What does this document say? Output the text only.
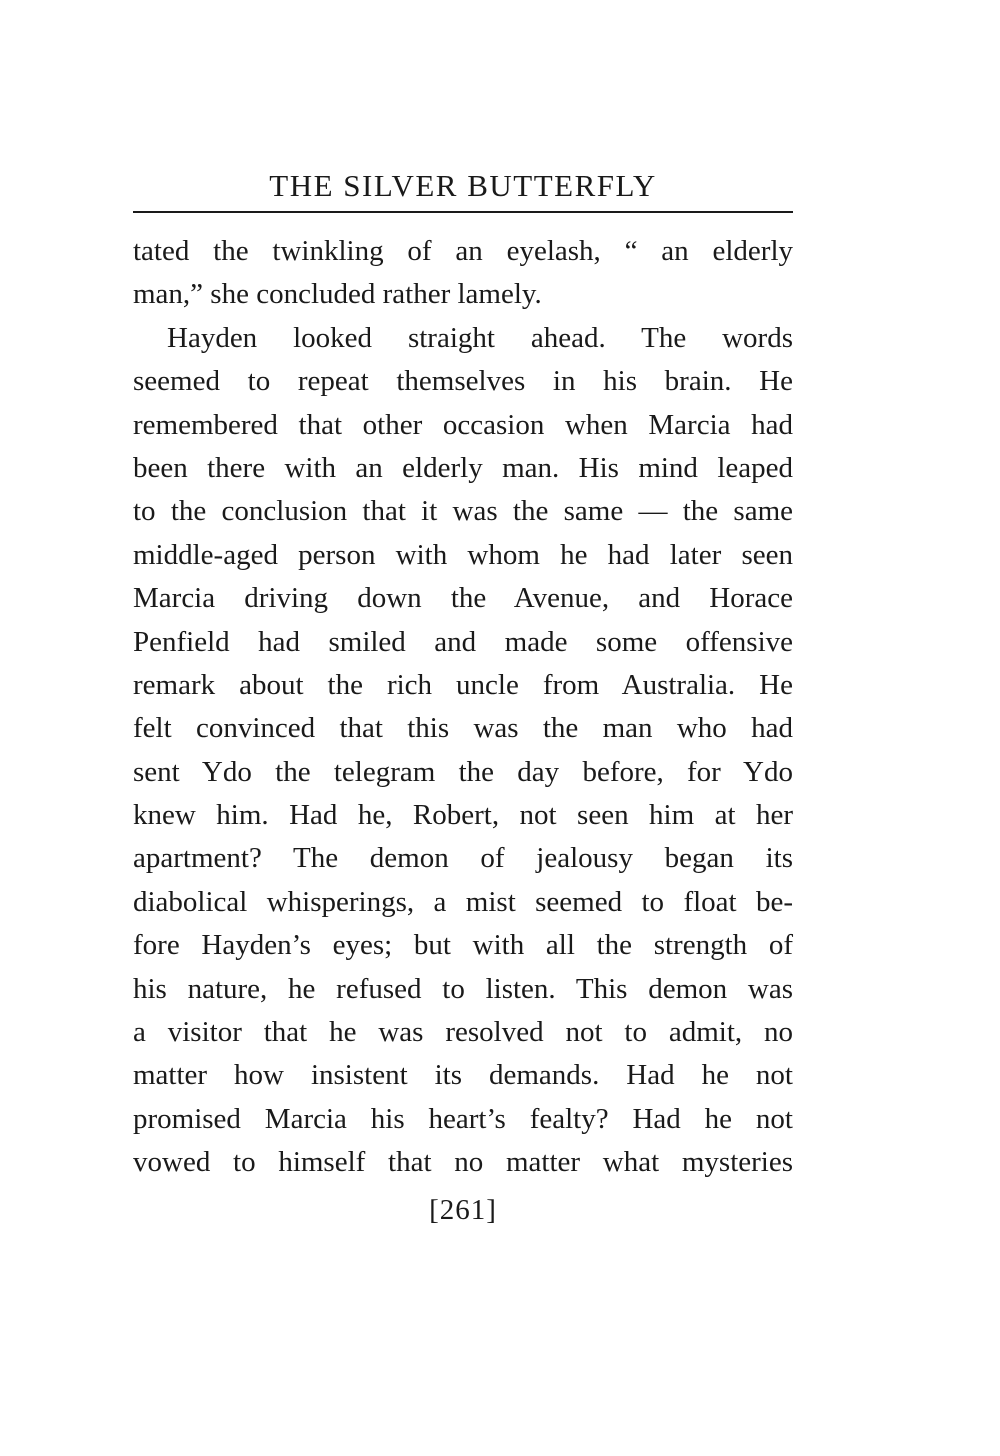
THE SILVER BUTTERFLY
tated the twinkling of an eyelash, “ an elderly
man,” she concluded rather lamely.
Hayden looked straight ahead. The words
seemed to repeat themselves in his brain. He
remembered that other occasion when Marcia had
been there with an elderly man. His mind leaped
to the conclusion that it was the same — the same
middle-aged person with whom he had later seen
Marcia driving down the Avenue, and Horace
Penfield had smiled and made some offensive
remark about the rich uncle from Australia. He
felt convinced that this was the man who had
sent Ydo the telegram the day before, for Ydo
knew him. Had he, Robert, not seen him at her
apartment? The demon of jealousy began its
diabolical whisperings, a mist seemed to float be-
fore Hayden’s eyes; but with all the strength of
his nature, he refused to listen. This demon was
a visitor that he was resolved not to admit, no
matter how insistent its demands. Had he not
promised Marcia his heart’s fealty? Had he not
vowed to himself that no matter what mysteries
[261]
